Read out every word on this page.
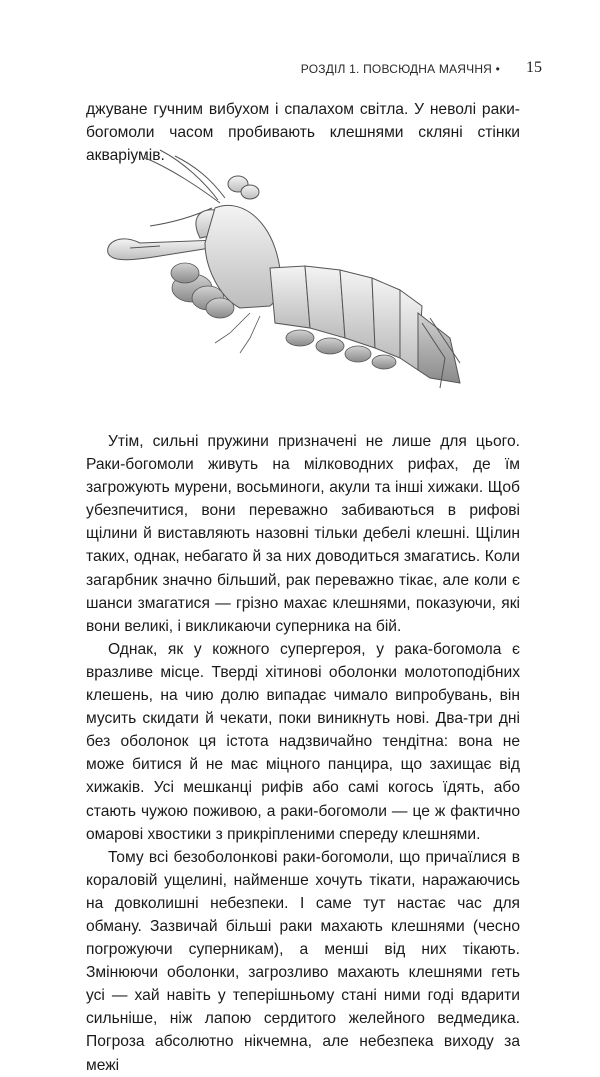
РОЗДІЛ 1. ПОВСЮДНА МАЯЧНЯ • 15

джуване гучним вибухом і спалахом світла. У неволі раки-богомоли часом пробивають клешнями скляні стінки акваріумів.

Утім, сильні пружини призначені не лише для цього. Раки-богомоли живуть на мілководних рифах, де їм загрожують мурени, восьминоги, акули та інші хижаки. Щоб убезпечитися, вони переважно забиваються в рифові щілини й виставляють назовні тільки дебелі клешні. Щілин таких, однак, небагато й за них доводиться змагатись. Коли загарбник значно більший, рак переважно тікає, але коли є шанси змагатися — грізно махає клешнями, показуючи, які вони великі, і викликаючи суперника на бій.

Однак, як у кожного супергероя, у рака-богомола є вразливе місце. Тверді хітинові оболонки молотоподібних клешень, на чию долю випадає чимало випробувань, він мусить скидати й чекати, поки виникнуть нові. Два-три дні без оболонок ця істота надзвичайно тендітна: вона не може битися й не має міцного панцира, що захищає від хижаків. Усі мешканці рифів або самі когось їдять, або стають чужою поживою, а раки-богомоли — це ж фактично омарові хвостики з прикріпленими спереду клешнями.

Тому всі безоболонкові раки-богомоли, що причаїлися в кораловій ущелині, найменше хочуть тікати, наражаючись на довколишні небезпеки. І саме тут настає час для обману. Зазвичай більші раки махають клешнями (чесно погрожуючи суперникам), а менші від них тікають. Змінюючи оболонки, загрозливо махають клешнями геть усі — хай навіть у теперішньому стані ними годі вдарити сильніше, ніж лапою сердитого желейного ведмедика. Погроза абсолютно нікчемна, але небезпека виходу за межі
